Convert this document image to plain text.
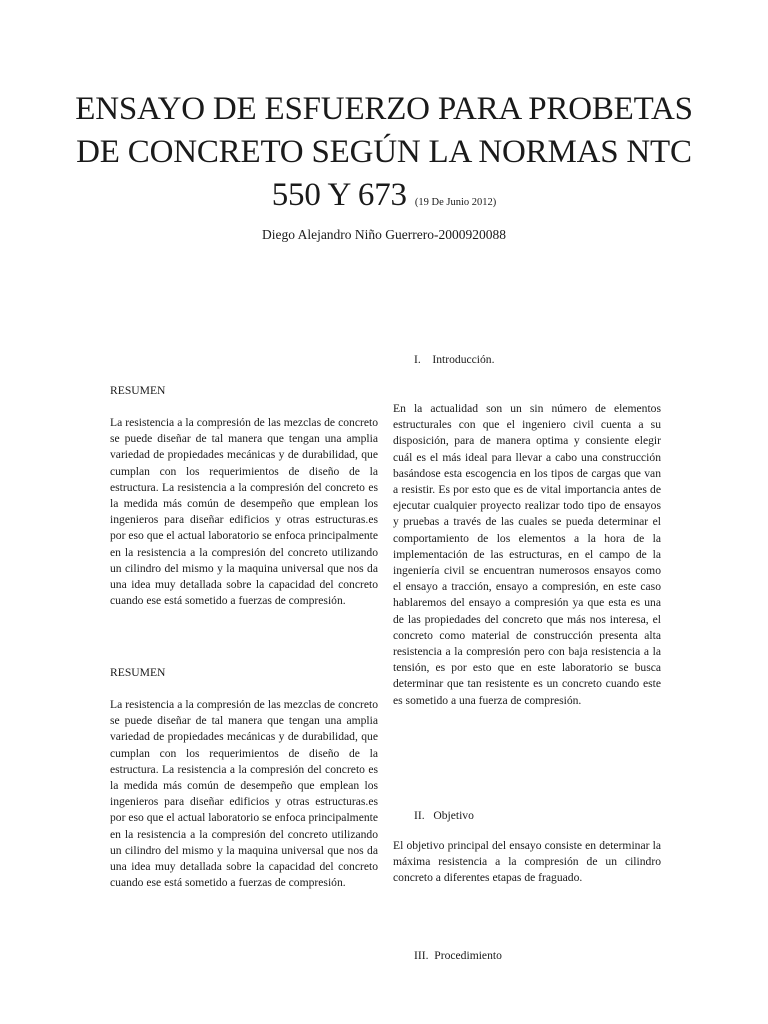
ENSAYO DE ESFUERZO PARA PROBETAS DE CONCRETO SEGÚN LA NORMAS NTC 550 Y 673 (19 De Junio 2012)
Diego Alejandro Niño Guerrero-2000920088
RESUMEN

La resistencia a la compresión de las mezclas de concreto se puede diseñar de tal manera que tengan una amplia variedad de propiedades mecánicas y de durabilidad, que cumplan con los requerimientos de diseño de la estructura. La resistencia a la compresión del concreto es la medida más común de desempeño que emplean los ingenieros para diseñar edificios y otras estructuras.es por eso que el actual laboratorio se enfoca principalmente en la resistencia a la compresión del concreto utilizando un cilindro del mismo y la maquina universal que nos da una idea muy detallada sobre la capacidad del concreto cuando ese está sometido a fuerzas de compresión.

RESUMEN

La resistencia a la compresión de las mezclas de concreto se puede diseñar de tal manera que tengan una amplia variedad de propiedades mecánicas y de durabilidad, que cumplan con los requerimientos de diseño de la estructura. La resistencia a la compresión del concreto es la medida más común de desempeño que emplean los ingenieros para diseñar edificios y otras estructuras.es por eso que el actual laboratorio se enfoca principalmente en la resistencia a la compresión del concreto utilizando un cilindro del mismo y la maquina universal que nos da una idea muy detallada sobre la capacidad del concreto cuando ese está sometido a fuerzas de compresión.

I. Introducción.

En la actualidad son un sin número de elementos estructurales con que el ingeniero civil cuenta a su disposición, para de manera optima y consiente elegir cuál es el más ideal para llevar a cabo una construcción basándose esta escogencia en los tipos de cargas que van a resistir. Es por esto que es de vital importancia antes de ejecutar cualquier proyecto realizar todo tipo de ensayos y pruebas a través de las cuales se pueda determinar el comportamiento de los elementos a la hora de la implementación de las estructuras, en el campo de la ingeniería civil se encuentran numerosos ensayos como el ensayo a tracción, ensayo a compresión, en este caso hablaremos del ensayo a compresión ya que esta es una de las propiedades del concreto que más nos interesa, el concreto como material de construcción presenta alta resistencia a la compresión pero con baja resistencia a la tensión, es por esto que en este laboratorio se busca determinar que tan resistente es un concreto cuando este es sometido a una fuerza de compresión.

II. Objetivo

El objetivo principal del ensayo consiste en determinar la máxima resistencia a la compresión de un cilindro concreto a diferentes etapas de fraguado.

III. Procedimiento
